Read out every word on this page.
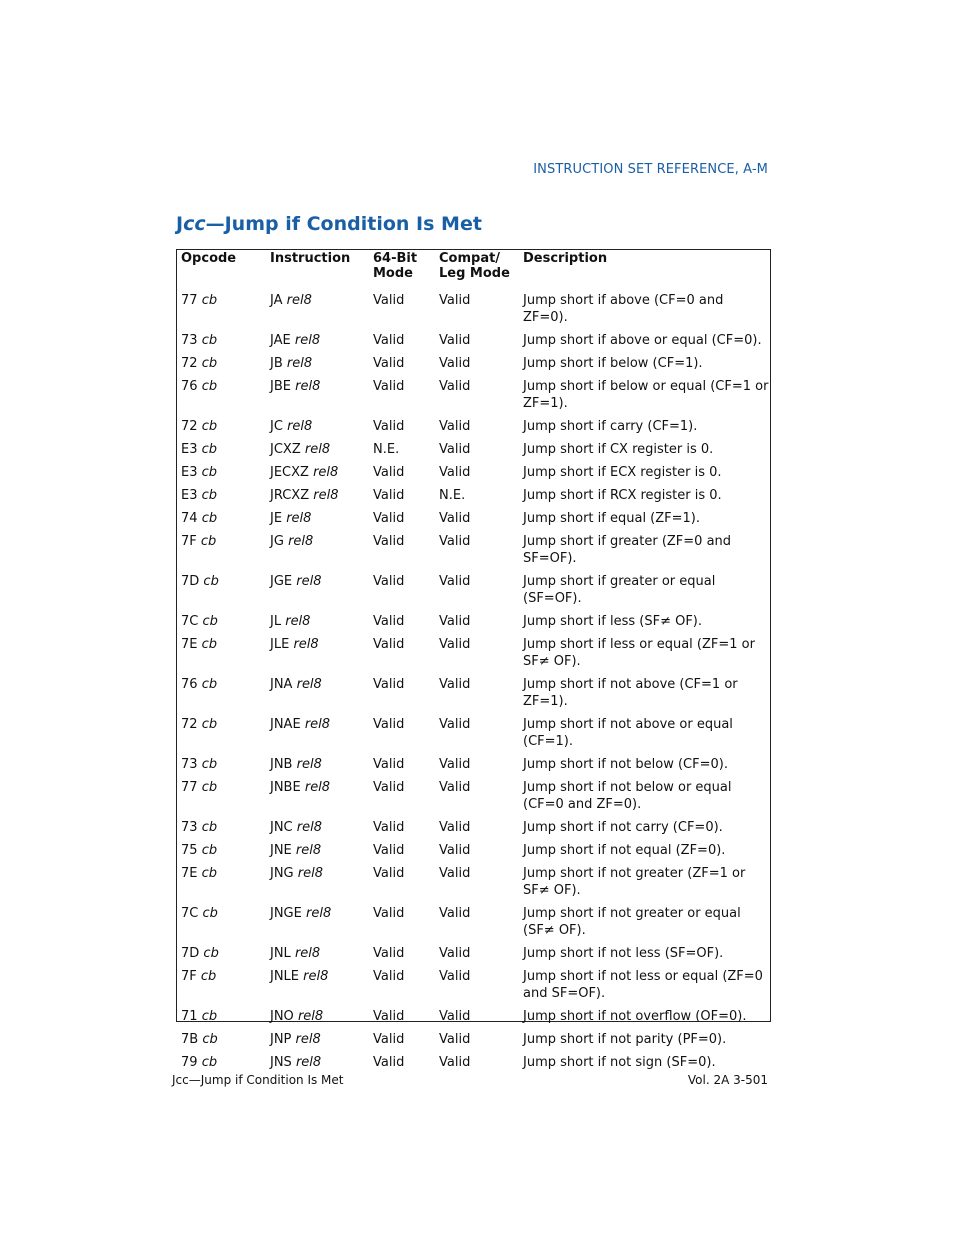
INSTRUCTION SET REFERENCE, A-M
Jcc—Jump if Condition Is Met
Opcode	Instruction	64-Bit Mode	Compat/ Leg Mode	Description
77 cb	JA rel8	Valid	Valid	Jump short if above (CF=0 and ZF=0).
73 cb	JAE rel8	Valid	Valid	Jump short if above or equal (CF=0).
72 cb	JB rel8	Valid	Valid	Jump short if below (CF=1).
76 cb	JBE rel8	Valid	Valid	Jump short if below or equal (CF=1 or ZF=1).
72 cb	JC rel8	Valid	Valid	Jump short if carry (CF=1).
E3 cb	JCXZ rel8	N.E.	Valid	Jump short if CX register is 0.
E3 cb	JECXZ rel8	Valid	Valid	Jump short if ECX register is 0.
E3 cb	JRCXZ rel8	Valid	N.E.	Jump short if RCX register is 0.
74 cb	JE rel8	Valid	Valid	Jump short if equal (ZF=1).
7F cb	JG rel8	Valid	Valid	Jump short if greater (ZF=0 and SF=OF).
7D cb	JGE rel8	Valid	Valid	Jump short if greater or equal (SF=OF).
7C cb	JL rel8	Valid	Valid	Jump short if less (SF≠ OF).
7E cb	JLE rel8	Valid	Valid	Jump short if less or equal (ZF=1 or SF≠ OF).
76 cb	JNA rel8	Valid	Valid	Jump short if not above (CF=1 or ZF=1).
72 cb	JNAE rel8	Valid	Valid	Jump short if not above or equal (CF=1).
73 cb	JNB rel8	Valid	Valid	Jump short if not below (CF=0).
77 cb	JNBE rel8	Valid	Valid	Jump short if not below or equal (CF=0 and ZF=0).
73 cb	JNC rel8	Valid	Valid	Jump short if not carry (CF=0).
75 cb	JNE rel8	Valid	Valid	Jump short if not equal (ZF=0).
7E cb	JNG rel8	Valid	Valid	Jump short if not greater (ZF=1 or SF≠ OF).
7C cb	JNGE rel8	Valid	Valid	Jump short if not greater or equal (SF≠ OF).
7D cb	JNL rel8	Valid	Valid	Jump short if not less (SF=OF).
7F cb	JNLE rel8	Valid	Valid	Jump short if not less or equal (ZF=0 and SF=OF).
71 cb	JNO rel8	Valid	Valid	Jump short if not overflow (OF=0).
7B cb	JNP rel8	Valid	Valid	Jump short if not parity (PF=0).
79 cb	JNS rel8	Valid	Valid	Jump short if not sign (SF=0).
Jcc—Jump if Condition Is Met	Vol. 2A 3-501
